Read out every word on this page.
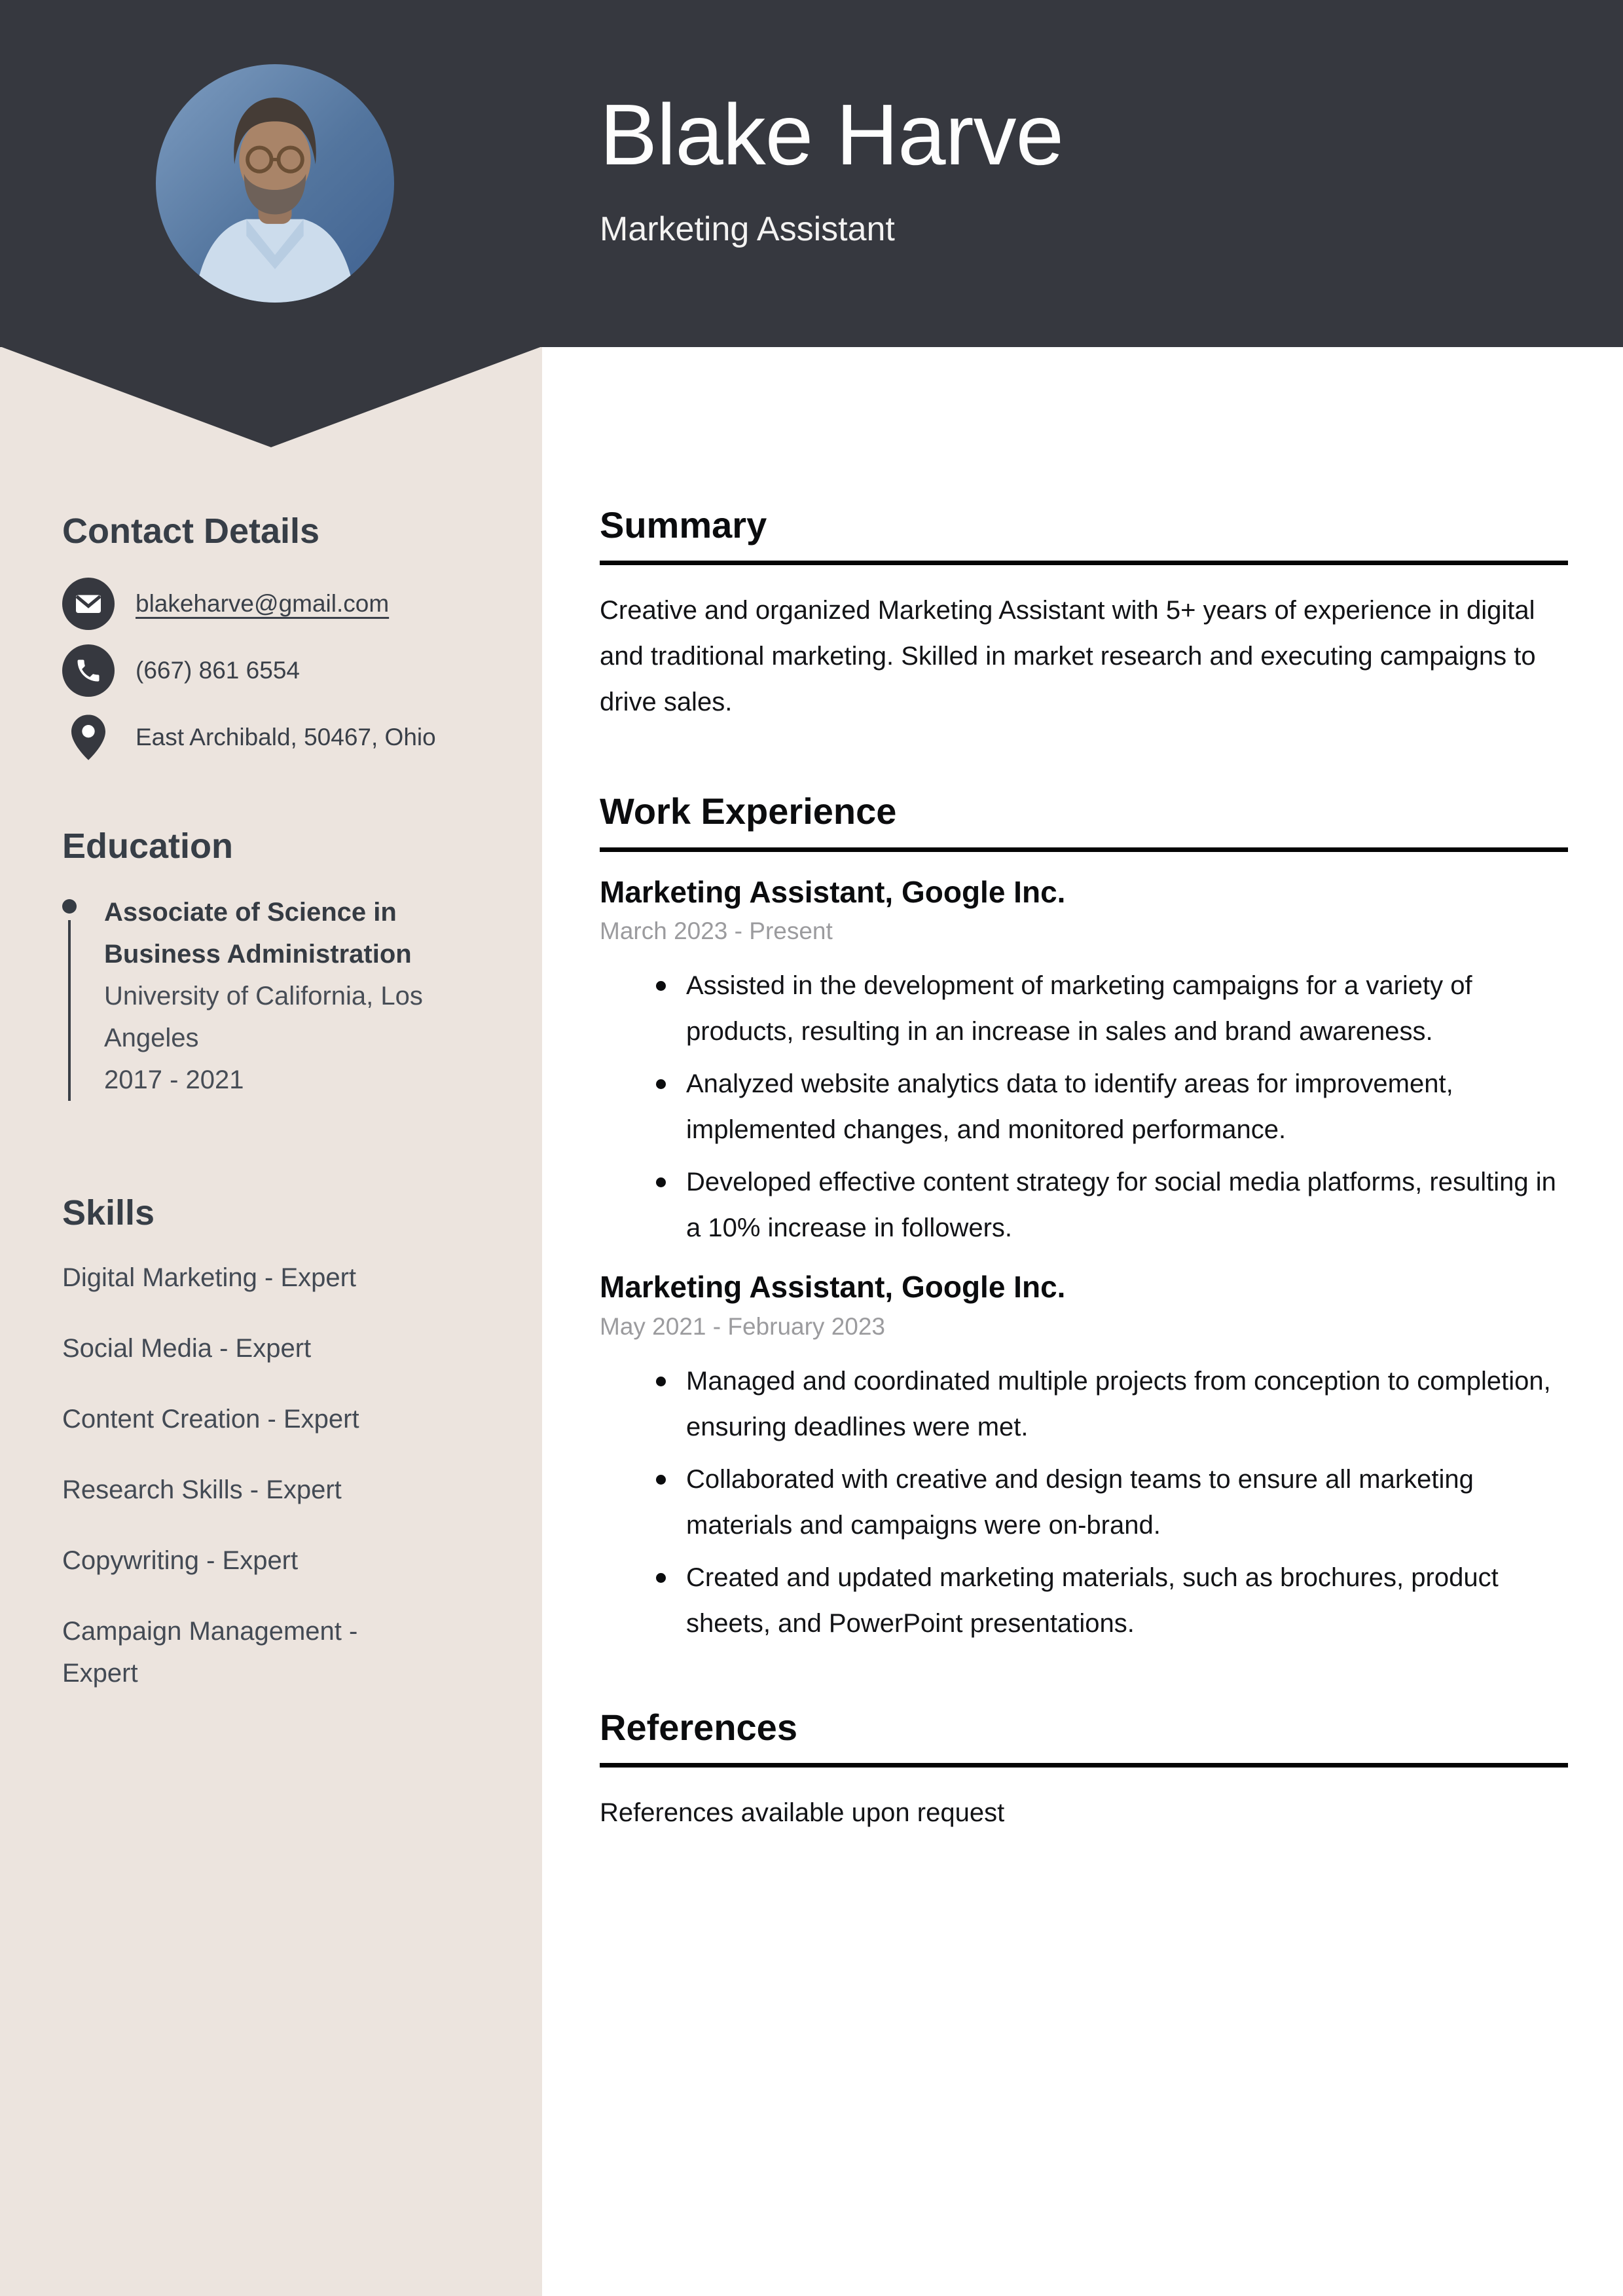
Blake Harve
Marketing Assistant
Contact Details
blakeharve@gmail.com
(667) 861 6554
East Archibald, 50467, Ohio
Education
Associate of Science in Business Administration
University of California, Los Angeles
2017 - 2021
Skills
Digital Marketing - Expert
Social Media - Expert
Content Creation - Expert
Research Skills - Expert
Copywriting - Expert
Campaign Management - Expert
Summary
Creative and organized Marketing Assistant with 5+ years of experience in digital and traditional marketing. Skilled in market research and executing campaigns to drive sales.
Work Experience
Marketing Assistant, Google Inc.
March 2023 - Present
Assisted in the development of marketing campaigns for a variety of products, resulting in an increase in sales and brand awareness.
Analyzed website analytics data to identify areas for improvement, implemented changes, and monitored performance.
Developed effective content strategy for social media platforms, resulting in a 10% increase in followers.
Marketing Assistant, Google Inc.
May 2021 - February 2023
Managed and coordinated multiple projects from conception to completion, ensuring deadlines were met.
Collaborated with creative and design teams to ensure all marketing materials and campaigns were on-brand.
Created and updated marketing materials, such as brochures, product sheets, and PowerPoint presentations.
References
References available upon request
